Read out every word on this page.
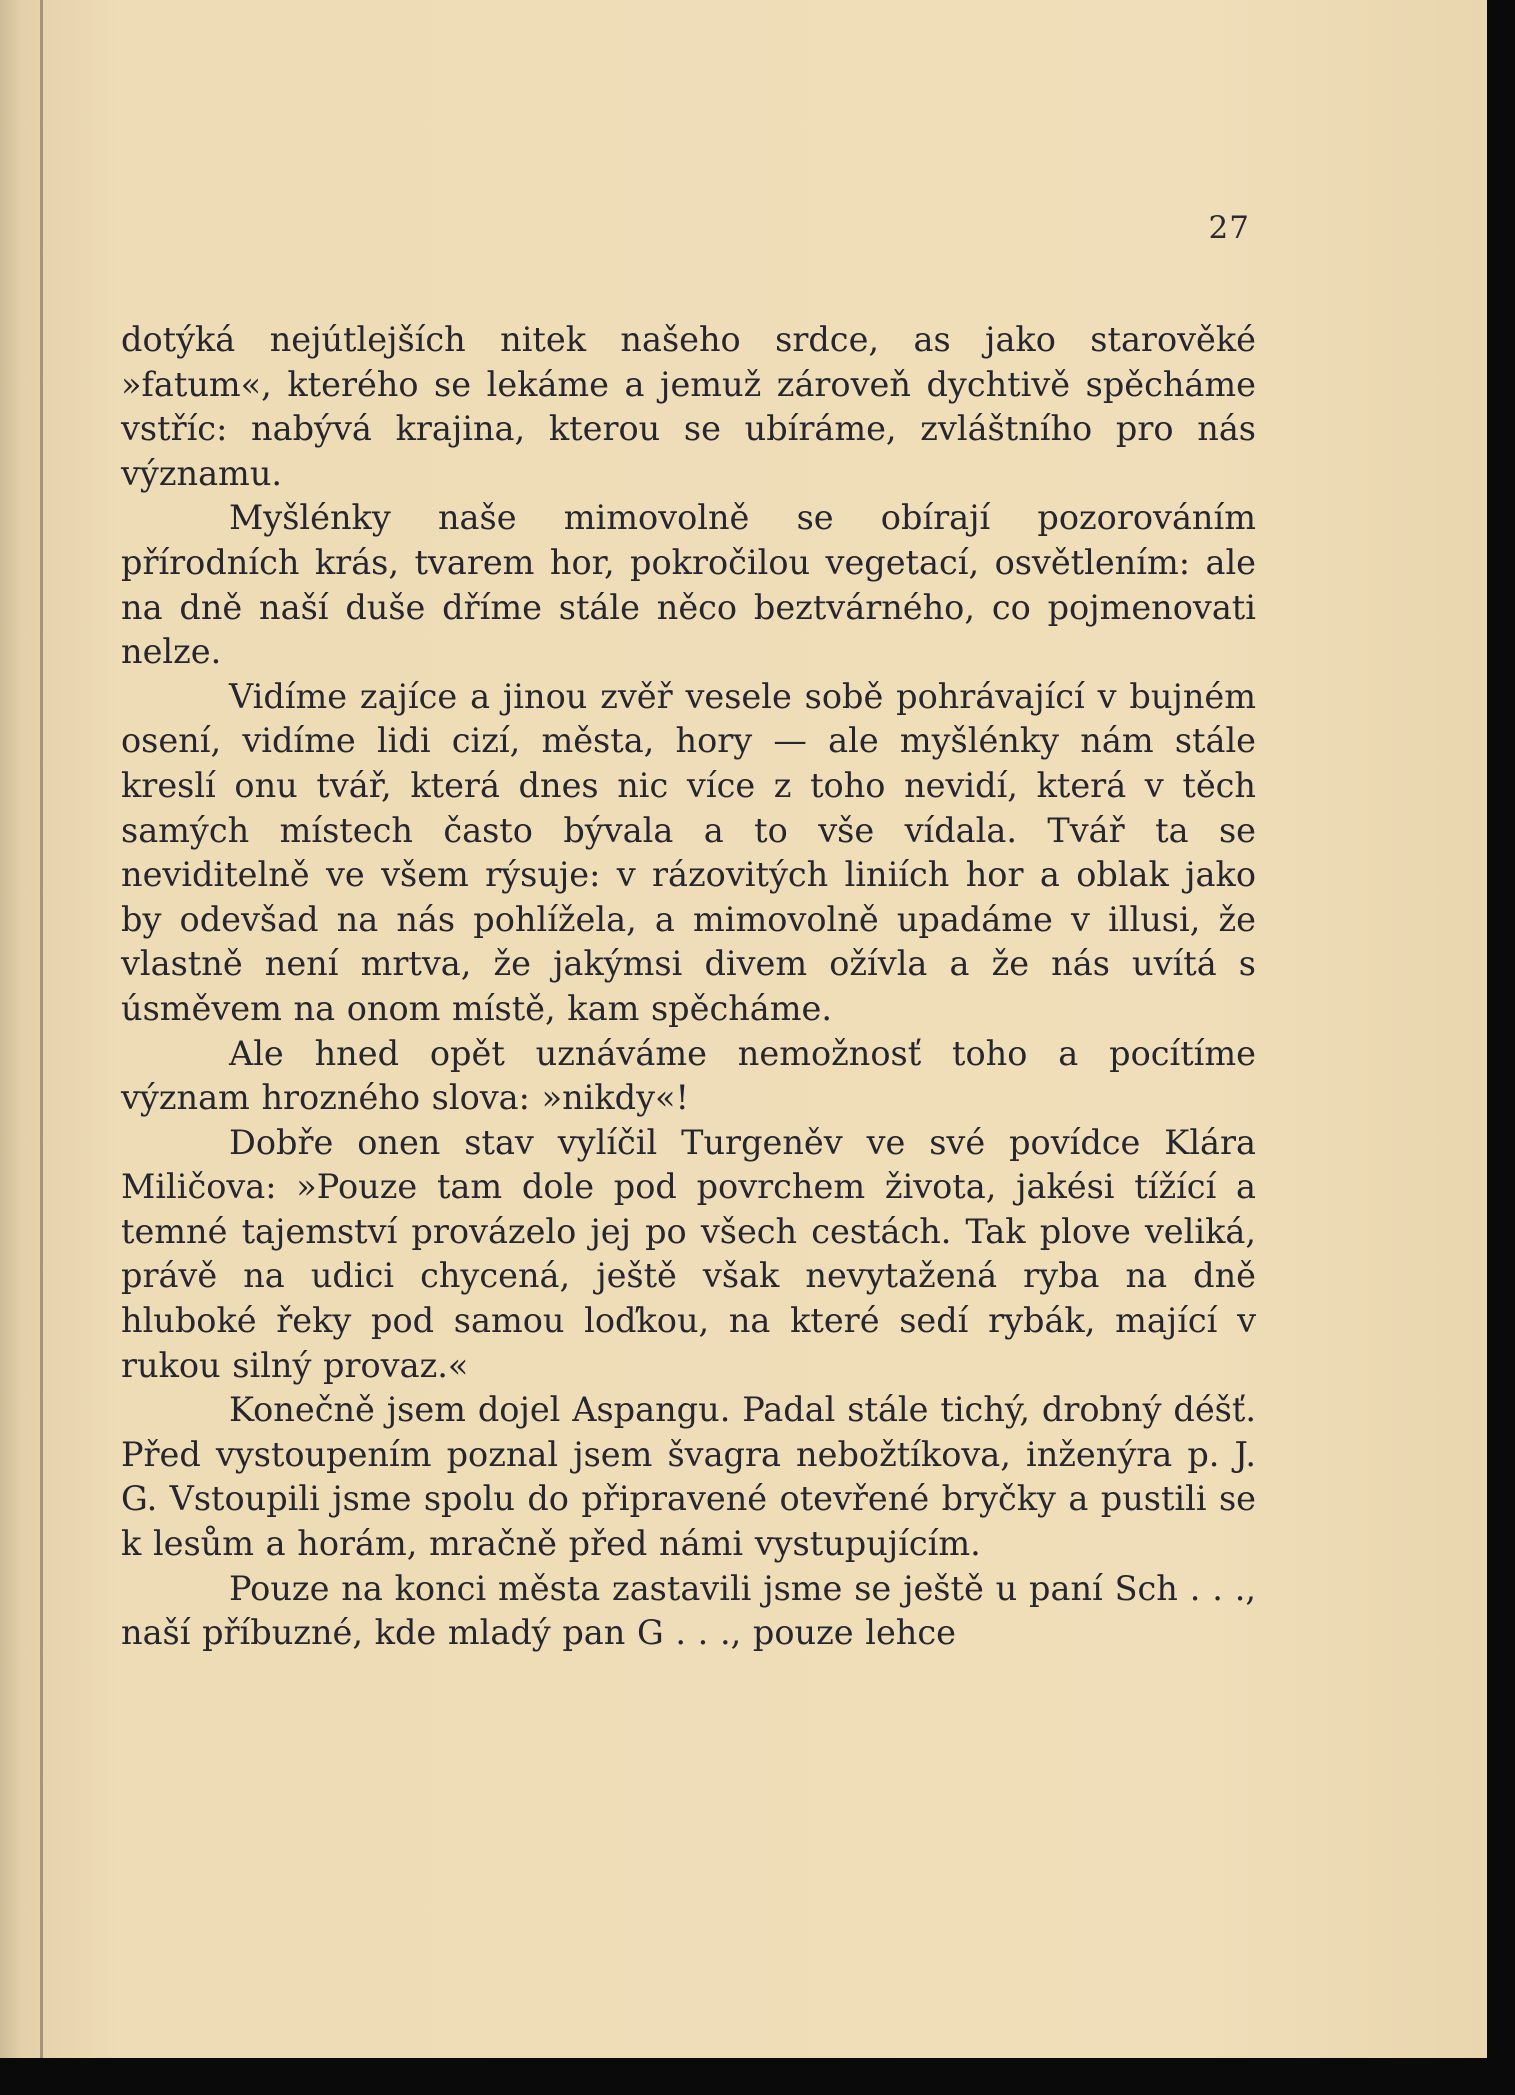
27

dotýká nejútlejších nitek našeho srdce, as jako starověké »fatum«, kterého se lekáme a jemuž zároveň dychtivě spěcháme vstříc: nabývá krajina, kterou se ubíráme, zvláštního pro nás významu.

Myšlénky naše mimovolně se obírají pozorováním přírodních krás, tvarem hor, pokročilou vegetací, osvětlením: ale na dně naší duše dříme stále něco beztvárného, co pojmenovati nelze.

Vidíme zajíce a jinou zvěř vesele sobě pohrávající v bujném osení, vidíme lidi cizí, města, hory — ale myšlénky nám stále kreslí onu tvář, která dnes nic více z toho nevidí, která v těch samých místech často bývala a to vše vídala. Tvář ta se neviditelně ve všem rýsuje: v rázovitých liniích hor a oblak jako by odevšad na nás pohlížela, a mimovolně upadáme v illusi, že vlastně není mrtva, že jakýmsi divem ožívla a že nás uvítá s úsměvem na onom místě, kam spěcháme.

Ale hned opět uznáváme nemožnosť toho a pocítíme význam hrozného slova: »nikdy«!

Dobře onen stav vylíčil Turgeněv ve své povídce Klára Miličova: »Pouze tam dole pod povrchem života, jakési tížící a temné tajemství provázelo jej po všech cestách. Tak plove veliká, právě na udici chycená, ještě však nevytažená ryba na dně hluboké řeky pod samou loďkou, na které sedí rybák, mající v rukou silný provaz.«

Konečně jsem dojel Aspangu. Padal stále tichý, drobný déšť. Před vystoupením poznal jsem švagra nebožtíkova, inženýra p. J. G. Vstoupili jsme spolu do připravené otevřené bryčky a pustili se k lesům a horám, mračně před námi vystupujícím.

Pouze na konci města zastavili jsme se ještě u paní Sch . . ., naší příbuzné, kde mladý pan G . . ., pouze lehce
